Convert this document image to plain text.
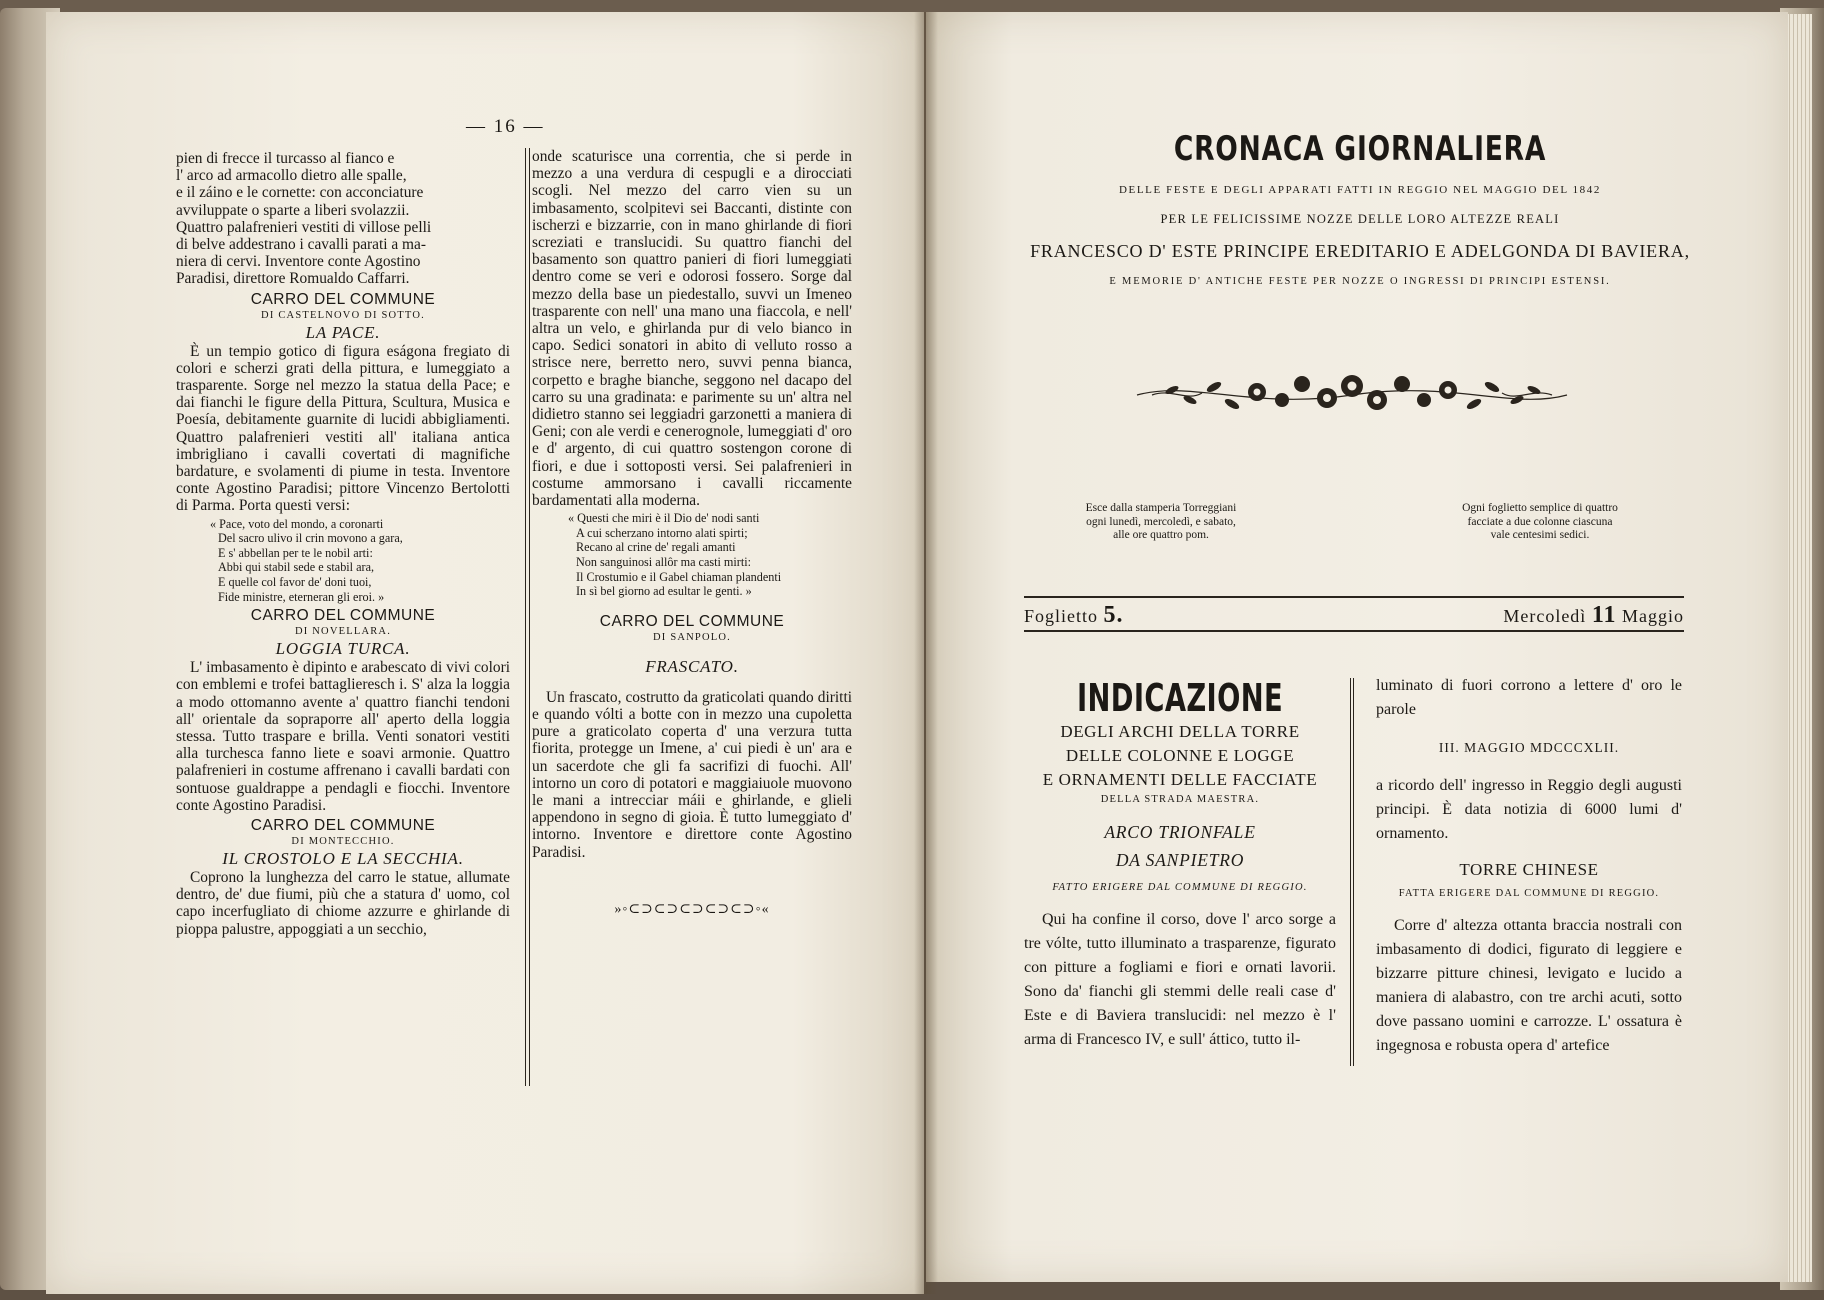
— 16 —
pien di frecce il turcasso al fianco e
l' arco ad armacollo dietro alle spalle,
e il záino e le cornette: con acconciature
avviluppate o sparte a liberi svolazzii.
Quattro palafrenieri vestiti di villose pelli
di belve addestrano i cavalli parati a ma-
niera di cervi. Inventore conte Agostino
Paradisi, direttore Romualdo Caffarri.
CARRO DEL COMMUNE
DI CASTELNOVO DI SOTTO.
LA PACE.

È un tempio gotico di figura eságona fregiato di colori e scherzi grati della pittura, e lumeggiato a trasparente. Sorge nel mezzo la statua della Pace; e dai fianchi le figure della Pittura, Scultura, Musica e Poesía, debitamente guarnite di lucidi abbigliamenti. Quattro palafrenieri vestiti all' italiana antica imbrigliano i cavalli covertati di magnifiche bardature, e svolamenti di piume in testa. Inventore conte Agostino Paradisi; pittore Vincenzo Bertolotti di Parma. Porta questi versi:

« Pace, voto del mondo, a coronarti
Del sacro ulivo il crin movono a gara,
E s' abbellan per te le nobil arti:
Abbi qui stabil sede e stabil ara,
E quelle col favor de' doni tuoi,
Fide ministre, eterneran gli eroi. »
CARRO DEL COMMUNE
DI NOVELLARA.
LOGGIA TURCA.

L' imbasamento è dipinto e arabescato di vivi colori con emblemi e trofei battaglieresch i. S' alza la loggia a modo ottomanno avente a' quattro fianchi tendoni all' orientale da sopraporre all' aperto della loggia stessa. Tutto traspare e brilla. Venti sonatori vestiti alla turchesca fanno liete e soavi armonie. Quattro palafrenieri in costume affrenano i cavalli bardati con sontuose gualdrappe a pendagli e fiocchi. Inventore conte Agostino Paradisi.

CARRO DEL COMMUNE
DI MONTECCHIO.
IL CROSTOLO E LA SECCHIA.

Coprono la lunghezza del carro le statue, allumate dentro, de' due fiumi, più che a statura d' uomo, col capo incerfugliato di chiome azzurre e ghirlande di pioppa palustre, appoggiati a un secchio,

onde scaturisce una correntia, che si perde in mezzo a una verdura di cespugli e a dirocciati scogli. Nel mezzo del carro vien su un imbasamento, scolpitevi sei Baccanti, distinte con ischerzi e bizzarrie, con in mano ghirlande di fiori screziati e translucidi. Su quattro fianchi del basamento son quattro panieri di fiori lumeggiati dentro come se veri e odorosi fossero. Sorge dal mezzo della base un piedestallo, suvvi un Imeneo trasparente con nell' una mano una fiaccola, e nell' altra un velo, e ghirlanda pur di velo bianco in capo. Sedici sonatori in abito di velluto rosso a strisce nere, berretto nero, suvvi penna bianca, corpetto e braghe bianche, seggono nel dacapo del carro su una gradinata: e parimente su un' altra nel didietro stanno sei leggiadri garzonetti a maniera di Geni; con ale verdi e cenerognole, lumeggiati d' oro e d' argento, di cui quattro sostengon corone di fiori, e due i sottoposti versi. Sei palafrenieri in costume ammorsano i cavalli riccamente bardamentati alla moderna.

« Questi che miri è il Dio de' nodi santi
A cui scherzano intorno alati spirti;
Recano al crine de' regali amanti
Non sanguinosi allôr ma casti mirti:
Il Crostumio e il Gabel chiaman plandenti
In sì bel giorno ad esultar le genti. »
CARRO DEL COMMUNE
DI SANPOLO.
FRASCATO.

Un frascato, costrutto da graticolati quando diritti e quando vólti a botte con in mezzo una cupoletta pure a graticolato coperta d' una verzura tutta fiorita, protegge un Imene, a' cui piedi è un' ara e un sacerdote che gli fa sacrifizi di fuochi. All' intorno un coro di potatori e maggiaiuole muovono le mani a intrecciar máii e ghirlande, e glieli appendono in segno di gioia. È tutto lumeggiato d' intorno. Inventore e direttore conte Agostino Paradisi.

»◦⊂⊃⊂⊃⊂⊃⊂⊃⊂⊃◦«
CRONACA GIORNALIERA
DELLE FESTE E DEGLI APPARATI FATTI IN REGGIO NEL MAGGIO DEL 1842
PER LE FELICISSIME NOZZE DELLE LORO ALTEZZE REALI
FRANCESCO D' ESTE PRINCIPE EREDITARIO E ADELGONDA DI BAVIERA,
E MEMORIE D' ANTICHE FESTE PER NOZZE O INGRESSI DI PRINCIPI ESTENSI.
Esce dalla stamperia Torreggiani
ogni lunedì, mercoledì, e sabato,
alle ore quattro pom.
Ogni foglietto semplice di quattro
facciate a due colonne ciascuna
vale centesimi sedici.
Foglietto 5.	Mercoledì 11 Maggio
INDICAZIONE
DEGLI ARCHI DELLA TORRE
DELLE COLONNE E LOGGE
E ORNAMENTI DELLE FACCIATE
DELLA STRADA MAESTRA.
ARCO TRIONFALE
DA SANPIETRO
FATTO ERIGERE DAL COMMUNE DI REGGIO.

Qui ha confine il corso, dove l' arco sorge a tre vólte, tutto illuminato a trasparenze, figurato con pitture a fogliami e fiori e ornati lavorii. Sono da' fianchi gli stemmi delle reali case d' Este e di Baviera translucidi: nel mezzo è l' arma di Francesco IV, e sull' áttico, tutto il-

luminato di fuori corrono a lettere d' oro le parole

III. MAGGIO MDCCCXLII.

a ricordo dell' ingresso in Reggio degli augusti principi. È data notizia di 6000 lumi d' ornamento.

TORRE CHINESE
FATTA ERIGERE DAL COMMUNE DI REGGIO.

Corre d' altezza ottanta braccia nostrali con imbasamento di dodici, figurato di leggiere e bizzarre pitture chinesi, levigato e lucido a maniera di alabastro, con tre archi acuti, sotto dove passano uomini e carrozze. L' ossatura è ingegnosa e robusta opera d' artefice
